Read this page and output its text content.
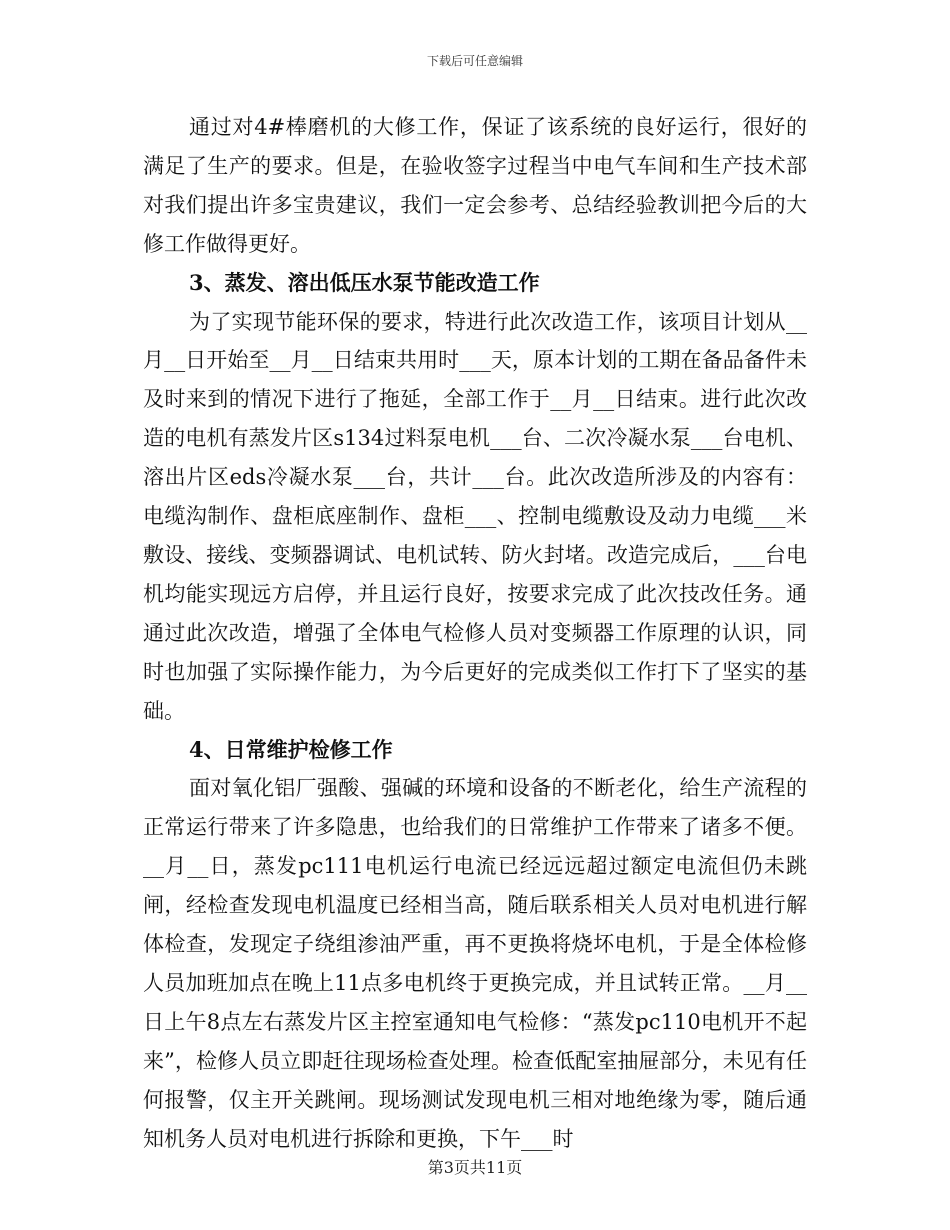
下载后可任意编辑

通过对4#棒磨机的大修工作，保证了该系统的良好运行，很好的满足了生产的要求。但是，在验收签字过程当中电气车间和生产技术部对我们提出许多宝贵建议，我们一定会参考、总结经验教训把今后的大修工作做得更好。

3、蒸发、溶出低压水泵节能改造工作

为了实现节能环保的要求，特进行此次改造工作，该项目计划从__月__日开始至__月__日结束共用时___天，原本计划的工期在备品备件未及时来到的情况下进行了拖延，全部工作于__月__日结束。进行此次改造的电机有蒸发片区s134过料泵电机___台、二次冷凝水泵___台电机、溶出片区eds冷凝水泵___台，共计___台。此次改造所涉及的内容有：电缆沟制作、盘柜底座制作、盘柜___、控制电缆敷设及动力电缆___米敷设、接线、变频器调试、电机试转、防火封堵。改造完成后，___台电机均能实现远方启停，并且运行良好，按要求完成了此次技改任务。通通过此次改造，增强了全体电气检修人员对变频器工作原理的认识，同时也加强了实际操作能力，为今后更好的完成类似工作打下了坚实的基础。

4、日常维护检修工作

面对氧化铝厂强酸、强碱的环境和设备的不断老化，给生产流程的正常运行带来了许多隐患，也给我们的日常维护工作带来了诸多不便。__月__日，蒸发pc111电机运行电流已经远远超过额定电流但仍未跳闸，经检查发现电机温度已经相当高，随后联系相关人员对电机进行解体检查，发现定子绕组渗油严重，再不更换将烧坏电机，于是全体检修人员加班加点在晚上11点多电机终于更换完成，并且试转正常。__月__日上午8点左右蒸发片区主控室通知电气检修：“蒸发pc110电机开不起来”，检修人员立即赶往现场检查处理。检查低配室抽屉部分，未见有任何报警，仅主开关跳闸。现场测试发现电机三相对地绝缘为零，随后通知机务人员对电机进行拆除和更换，下午___时

第3页共11页
